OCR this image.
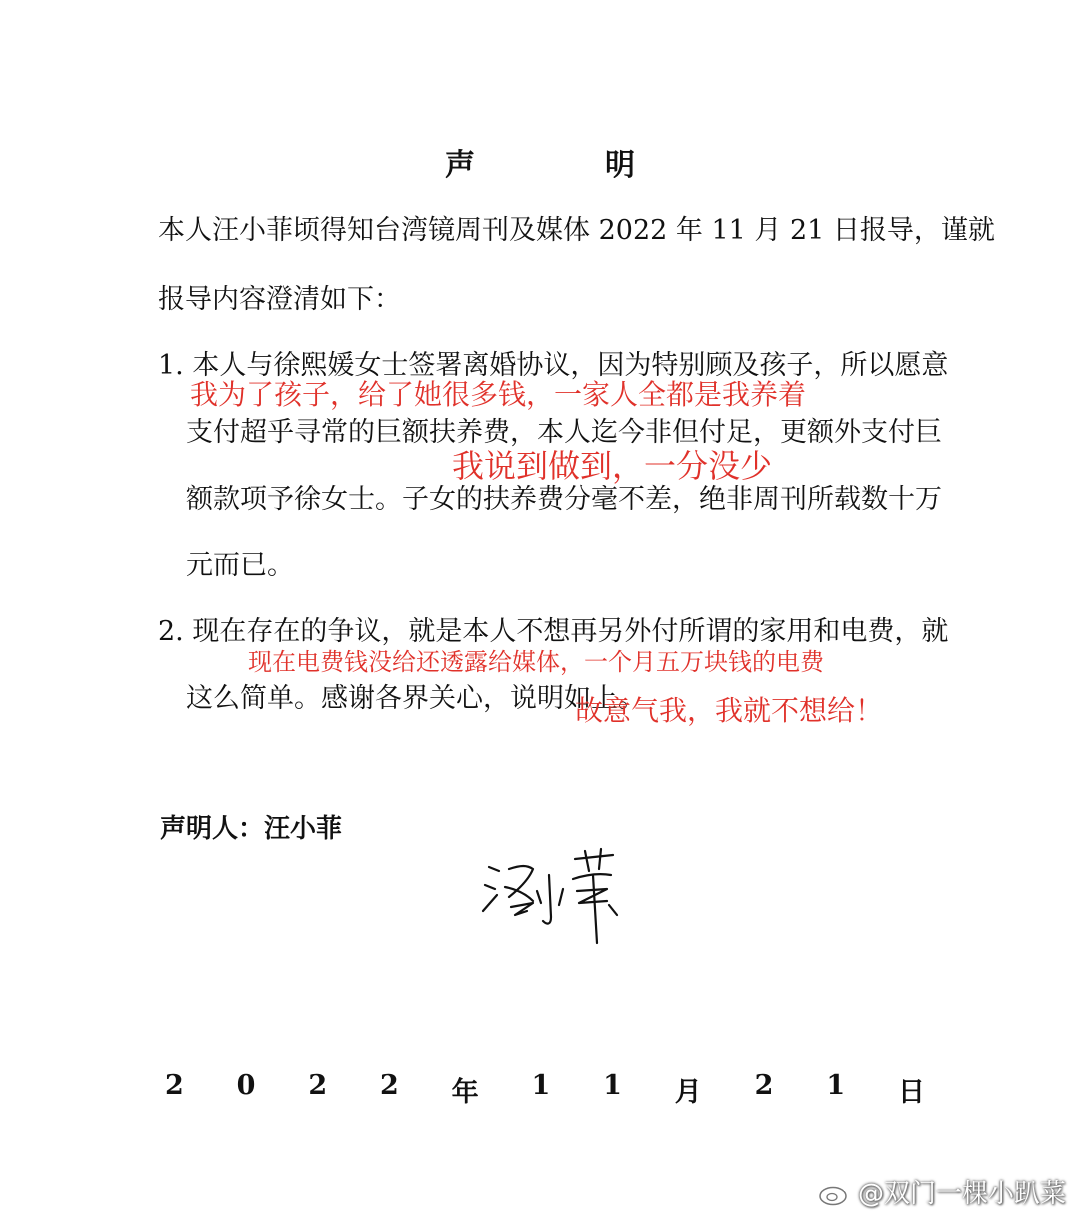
声　明
本人汪小菲顷得知台湾镜周刊及媒体 2022 年 11 月 21 日报导，谨就
报导内容澄清如下：
1. 本人与徐熙媛女士签署离婚协议，因为特别顾及孩子，所以愿意
支付超乎寻常的巨额扶养费，本人迄今非但付足，更额外支付巨
额款项予徐女士。子女的扶养费分毫不差，绝非周刊所载数十万
元而已。
2. 现在存在的争议，就是本人不想再另外付所谓的家用和电费，就
这么简单。感谢各界关心，说明如上。
我为了孩子，给了她很多钱，一家人全都是我养着
我说到做到，一分没少
现在电费钱没给还透露给媒体，一个月五万块钱的电费
故意气我，我就不想给！
声明人：汪小菲
2 0 2 2 年 1 1 月 2 1 日
@双门一棵小趴菜
